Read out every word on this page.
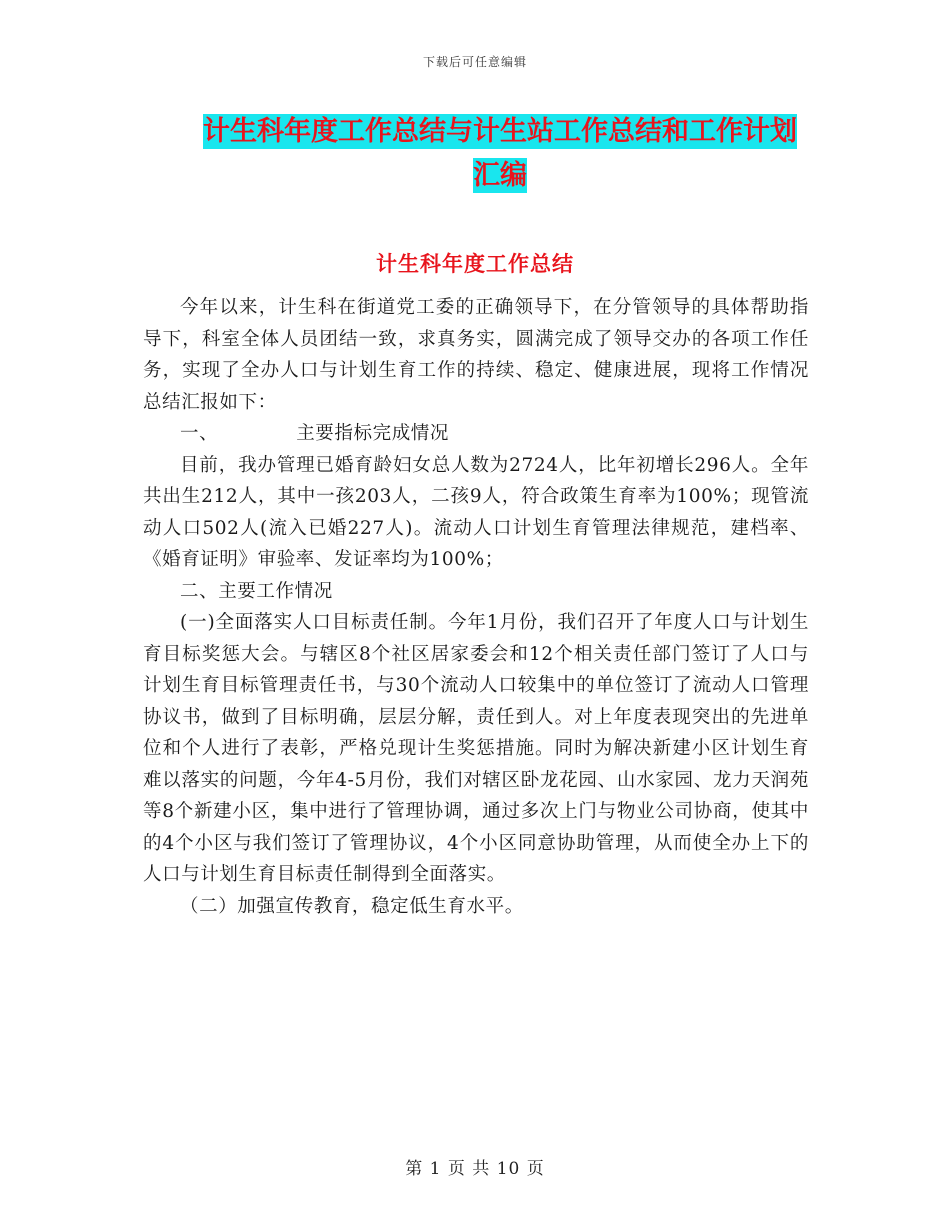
下载后可任意编辑
计生科年度工作总结与计生站工作总结和工作计划汇编
计生科年度工作总结

今年以来，计生科在街道党工委的正确领导下，在分管领导的具体帮助指导下，科室全体人员团结一致，求真务实，圆满完成了领导交办的各项工作任务，实现了全办人口与计划生育工作的持续、稳定、健康进展，现将工作情况总结汇报如下：

一、	主要指标完成情况

目前，我办管理已婚育龄妇女总人数为2724人，比年初增长296人。全年共出生212人，其中一孩203人，二孩9人，符合政策生育率为100%；现管流动人口502人(流入已婚227人)。流动人口计划生育管理法律规范，建档率、《婚育证明》审验率、发证率均为100%；

二、主要工作情况

(一)全面落实人口目标责任制。今年1月份，我们召开了年度人口与计划生育目标奖惩大会。与辖区8个社区居家委会和12个相关责任部门签订了人口与计划生育目标管理责任书，与30个流动人口较集中的单位签订了流动人口管理协议书，做到了目标明确，层层分解，责任到人。对上年度表现突出的先进单位和个人进行了表彰，严格兑现计生奖惩措施。同时为解决新建小区计划生育难以落实的问题，今年4-5月份，我们对辖区卧龙花园、山水家园、龙力天润苑等8个新建小区，集中进行了管理协调，通过多次上门与物业公司协商，使其中的4个小区与我们签订了管理协议，4个小区同意协助管理，从而使全办上下的人口与计划生育目标责任制得到全面落实。

（二）加强宣传教育，稳定低生育水平。

第 1 页 共 10 页
